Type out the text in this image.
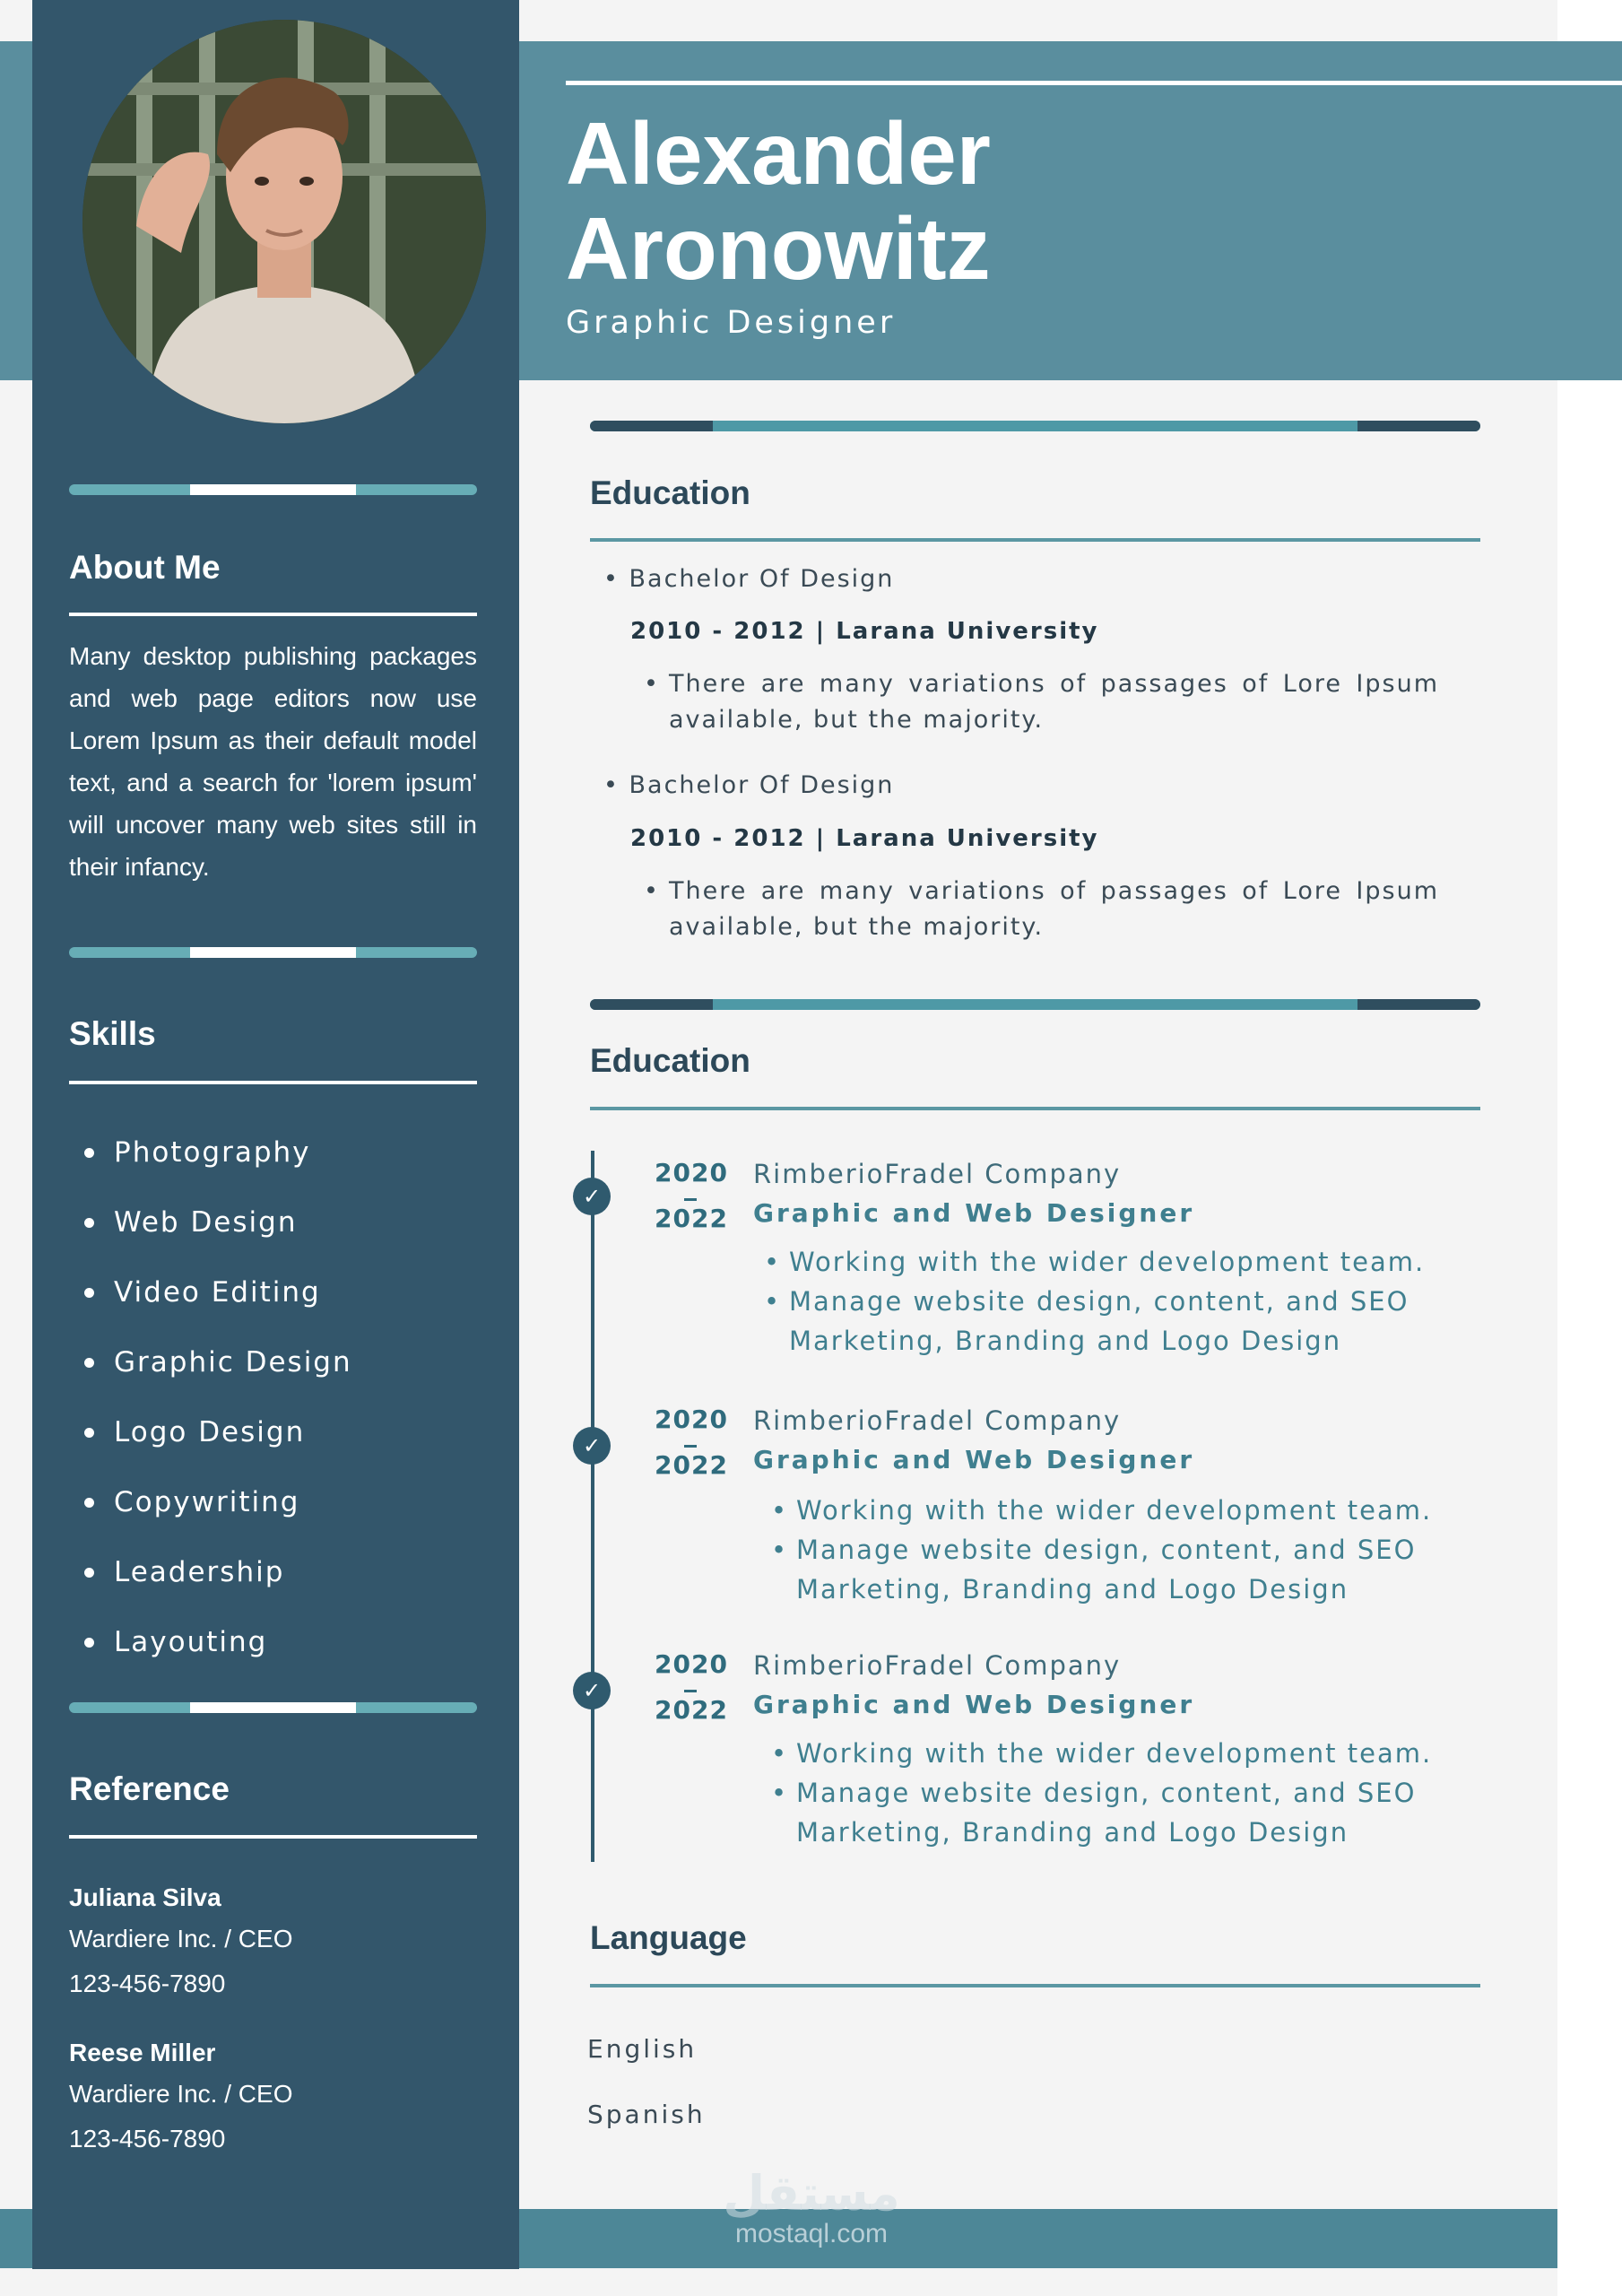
About Me
Many desktop publishing packages and web page editors now use Lorem Ipsum as their default model text, and a search for 'lorem ipsum' will uncover many web sites still in their infancy.
Skills
Photography
Web Design
Video Editing
Graphic Design
Logo Design
Copywriting
Leadership
Layouting
Reference
Juliana Silva
Wardiere Inc. / CEO
123-456-7890
Reese Miller
Wardiere Inc. / CEO
123-456-7890
Alexander
Aronowitz
Graphic Designer
Education
• Bachelor Of Design
2010 - 2012 | Larana University
• There are many variations of passages of Lore Ipsum available, but the majority.
• Bachelor Of Design
2010 - 2012 | Larana University
• There are many variations of passages of Lore Ipsum available, but the majority.
Education
✓
2020
2022
RimberioFradel Company
Graphic and Web Designer
• Working with the wider development team.
• Manage website design, content, and SEO Marketing, Branding and Logo Design
✓
2020
2022
RimberioFradel Company
Graphic and Web Designer
• Working with the wider development team.
• Manage website design, content, and SEO Marketing, Branding and Logo Design
✓
2020
2022
RimberioFradel Company
Graphic and Web Designer
• Working with the wider development team.
• Manage website design, content, and SEO Marketing, Branding and Logo Design
Language
English
Spanish
مستقل
mostaql.com
